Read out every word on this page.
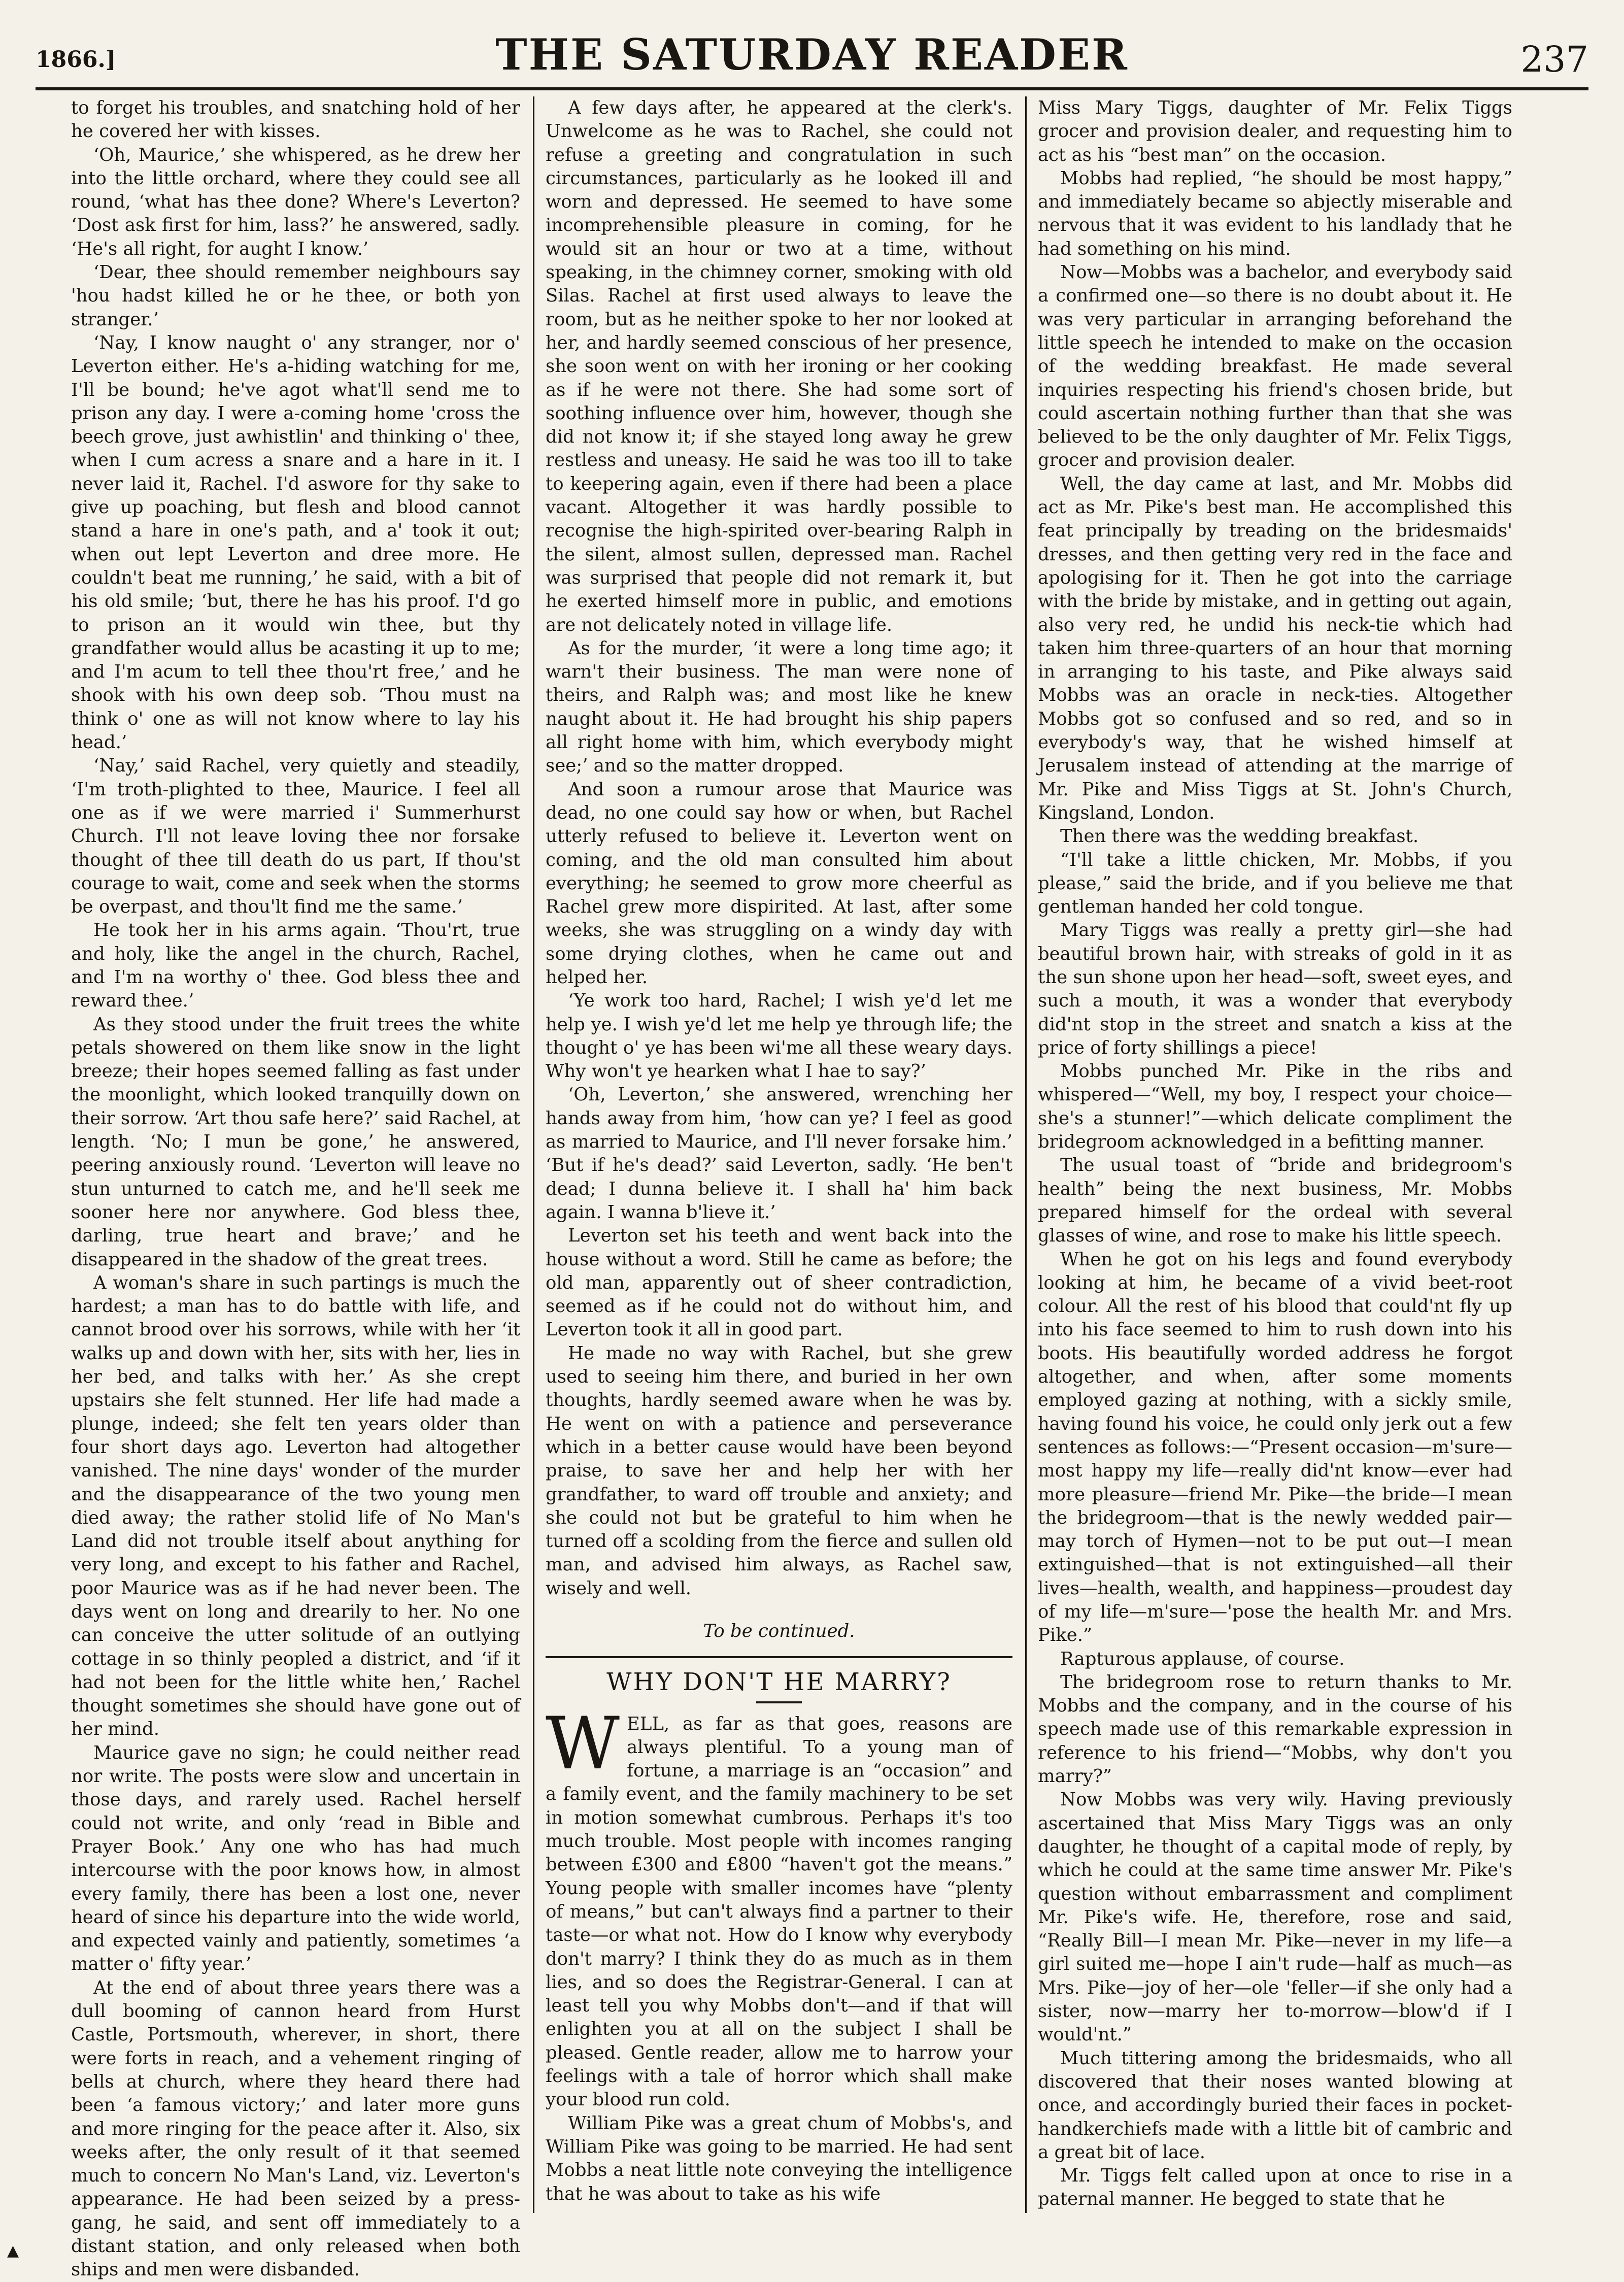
1866.]	THE SATURDAY READER	237

to forget his troubles, and snatching hold of her he covered her with kisses.

‘Oh, Maurice,’ she whispered, as he drew her into the little orchard, where they could see all round, ‘what has thee done? Where's Leverton? ‘Dost ask first for him, lass?’ he answered, sadly. ‘He's all right, for aught I know.’

‘Dear, thee should remember neighbours say 'hou hadst killed he or he thee, or both yon stranger.’

‘Nay, I know naught o' any stranger, nor o' Leverton either. He's a-hiding watching for me, I'll be bound; he've agot what'll send me to prison any day. I were a-coming home 'cross the beech grove, just awhistlin' and thinking o' thee, when I cum acress a snare and a hare in it. I never laid it, Rachel. I'd aswore for thy sake to give up poaching, but flesh and blood cannot stand a hare in one's path, and a' took it out; when out lept Leverton and dree more. He couldn't beat me running,’ he said, with a bit of his old smile; ‘but, there he has his proof. I'd go to prison an it would win thee, but thy grandfather would allus be acasting it up to me; and I'm acum to tell thee thou'rt free,’ and he shook with his own deep sob. ‘Thou must na think o' one as will not know where to lay his head.’

‘Nay,’ said Rachel, very quietly and steadily, ‘I'm troth-plighted to thee, Maurice. I feel all one as if we were married i' Summerhurst Church. I'll not leave loving thee nor forsake thought of thee till death do us part, If thou'st courage to wait, come and seek when the storms be overpast, and thou'lt find me the same.’

He took her in his arms again. ‘Thou'rt, true and holy, like the angel in the church, Rachel, and I'm na worthy o' thee. God bless thee and reward thee.’

As they stood under the fruit trees the white petals showered on them like snow in the light breeze; their hopes seemed falling as fast under the moonlight, which looked tranquilly down on their sorrow. ‘Art thou safe here?’ said Rachel, at length. ‘No; I mun be gone,’ he answered, peering anxiously round. ‘Leverton will leave no stun unturned to catch me, and he'll seek me sooner here nor anywhere. God bless thee, darling, true heart and brave;’ and he disappeared in the shadow of the great trees.

A woman's share in such partings is much the hardest; a man has to do battle with life, and cannot brood over his sorrows, while with her ‘it walks up and down with her, sits with her, lies in her bed, and talks with her.’ As she crept upstairs she felt stunned. Her life had made a plunge, indeed; she felt ten years older than four short days ago. Leverton had altogether vanished. The nine days' wonder of the murder and the disappearance of the two young men died away; the rather stolid life of No Man's Land did not trouble itself about anything for very long, and except to his father and Rachel, poor Maurice was as if he had never been. The days went on long and drearily to her. No one can conceive the utter solitude of an outlying cottage in so thinly peopled a district, and ‘if it had not been for the little white hen,’ Rachel thought sometimes she should have gone out of her mind.

Maurice gave no sign; he could neither read nor write. The posts were slow and uncertain in those days, and rarely used. Rachel herself could not write, and only ‘read in Bible and Prayer Book.’ Any one who has had much intercourse with the poor knows how, in almost every family, there has been a lost one, never heard of since his departure into the wide world, and expected vainly and patiently, sometimes ‘a matter o' fifty year.’

At the end of about three years there was a dull booming of cannon heard from Hurst Castle, Portsmouth, wherever, in short, there were forts in reach, and a vehement ringing of bells at church, where they heard there had been ‘a famous victory;’ and later more guns and more ringing for the peace after it. Also, six weeks after, the only result of it that seemed much to concern No Man's Land, viz. Leverton's appearance. He had been seized by a press-gang, he said, and sent off immediately to a distant station, and only released when both ships and men were disbanded.

A few days after, he appeared at the clerk's. Unwelcome as he was to Rachel, she could not refuse a greeting and congratulation in such circumstances, particularly as he looked ill and worn and depressed. He seemed to have some incomprehensible pleasure in coming, for he would sit an hour or two at a time, without speaking, in the chimney corner, smoking with old Silas. Rachel at first used always to leave the room, but as he neither spoke to her nor looked at her, and hardly seemed conscious of her presence, she soon went on with her ironing or her cooking as if he were not there. She had some sort of soothing influence over him, however, though she did not know it; if she stayed long away he grew restless and uneasy. He said he was too ill to take to keepering again, even if there had been a place vacant. Altogether it was hardly possible to recognise the high-spirited over-bearing Ralph in the silent, almost sullen, depressed man. Rachel was surprised that people did not remark it, but he exerted himself more in public, and emotions are not delicately noted in village life.

As for the murder, ‘it were a long time ago; it warn't their business. The man were none of theirs, and Ralph was; and most like he knew naught about it. He had brought his ship papers all right home with him, which everybody might see;’ and so the matter dropped.

And soon a rumour arose that Maurice was dead, no one could say how or when, but Rachel utterly refused to believe it. Leverton went on coming, and the old man consulted him about everything; he seemed to grow more cheerful as Rachel grew more dispirited. At last, after some weeks, she was struggling on a windy day with some drying clothes, when he came out and helped her.

‘Ye work too hard, Rachel; I wish ye'd let me help ye. I wish ye'd let me help ye through life; the thought o' ye has been wi'me all these weary days. Why won't ye hearken what I hae to say?’

‘Oh, Leverton,’ she answered, wrenching her hands away from him, ‘how can ye? I feel as good as married to Maurice, and I'll never forsake him.’ ‘But if he's dead?’ said Leverton, sadly. ‘He ben't dead; I dunna believe it. I shall ha' him back again. I wanna b'lieve it.’

Leverton set his teeth and went back into the house without a word. Still he came as before; the old man, apparently out of sheer contradiction, seemed as if he could not do without him, and Leverton took it all in good part.

He made no way with Rachel, but she grew used to seeing him there, and buried in her own thoughts, hardly seemed aware when he was by. He went on with a patience and perseverance which in a better cause would have been beyond praise, to save her and help her with her grandfather, to ward off trouble and anxiety; and she could not but be grateful to him when he turned off a scolding from the fierce and sullen old man, and advised him always, as Rachel saw, wisely and well.

To be continued.

WHY DON'T HE MARRY?

WELL, as far as that goes, reasons are always plentiful. To a young man of fortune, a marriage is an “occasion” and a family event, and the family machinery to be set in motion somewhat cumbrous. Perhaps it's too much trouble. Most people with incomes ranging between £300 and £800 “haven't got the means.” Young people with smaller incomes have “plenty of means,” but can't always find a partner to their taste—or what not. How do I know why everybody don't marry? I think they do as much as in them lies, and so does the Registrar-General. I can at least tell you why Mobbs don't—and if that will enlighten you at all on the subject I shall be pleased. Gentle reader, allow me to harrow your feelings with a tale of horror which shall make your blood run cold.

William Pike was a great chum of Mobbs's, and William Pike was going to be married. He had sent Mobbs a neat little note conveying the intelligence that he was about to take as his wife

Miss Mary Tiggs, daughter of Mr. Felix Tiggs grocer and provision dealer, and requesting him to act as his “best man” on the occasion.

Mobbs had replied, “he should be most happy,” and immediately became so abjectly miserable and nervous that it was evident to his landlady that he had something on his mind.

Now—Mobbs was a bachelor, and everybody said a confirmed one—so there is no doubt about it. He was very particular in arranging beforehand the little speech he intended to make on the occasion of the wedding breakfast. He made several inquiries respecting his friend's chosen bride, but could ascertain nothing further than that she was believed to be the only daughter of Mr. Felix Tiggs, grocer and provision dealer.

Well, the day came at last, and Mr. Mobbs did act as Mr. Pike's best man. He accomplished this feat principally by treading on the bridesmaids' dresses, and then getting very red in the face and apologising for it. Then he got into the carriage with the bride by mistake, and in getting out again, also very red, he undid his neck-tie which had taken him three-quarters of an hour that morning in arranging to his taste, and Pike always said Mobbs was an oracle in neck-ties. Altogether Mobbs got so confused and so red, and so in everybody's way, that he wished himself at Jerusalem instead of attending at the marrige of Mr. Pike and Miss Tiggs at St. John's Church, Kingsland, London.

Then there was the wedding breakfast.

“I'll take a little chicken, Mr. Mobbs, if you please,” said the bride, and if you believe me that gentleman handed her cold tongue.

Mary Tiggs was really a pretty girl—she had beautiful brown hair, with streaks of gold in it as the sun shone upon her head—soft, sweet eyes, and such a mouth, it was a wonder that everybody did'nt stop in the street and snatch a kiss at the price of forty shillings a piece!

Mobbs punched Mr. Pike in the ribs and whispered—“Well, my boy, I respect your choice—she's a stunner!”—which delicate compliment the bridegroom acknowledged in a befitting manner.

The usual toast of “bride and bridegroom's health” being the next business, Mr. Mobbs prepared himself for the ordeal with several glasses of wine, and rose to make his little speech.

When he got on his legs and found everybody looking at him, he became of a vivid beet-root colour. All the rest of his blood that could'nt fly up into his face seemed to him to rush down into his boots. His beautifully worded address he forgot altogether, and when, after some moments employed gazing at nothing, with a sickly smile, having found his voice, he could only jerk out a few sentences as follows:—“Present occasion—m'sure—most happy my life—really did'nt know—ever had more pleasure—friend Mr. Pike—the bride—I mean the bridegroom—that is the newly wedded pair—may torch of Hymen—not to be put out—I mean extinguished—that is not extinguished—all their lives—health, wealth, and happiness—proudest day of my life—m'sure—'pose the health Mr. and Mrs. Pike.”

Rapturous applause, of course.

The bridegroom rose to return thanks to Mr. Mobbs and the company, and in the course of his speech made use of this remarkable expression in reference to his friend—“Mobbs, why don't you marry?”

Now Mobbs was very wily. Having previously ascertained that Miss Mary Tiggs was an only daughter, he thought of a capital mode of reply, by which he could at the same time answer Mr. Pike's question without embarrassment and compliment Mr. Pike's wife. He, therefore, rose and said, “Really Bill—I mean Mr. Pike—never in my life—a girl suited me—hope I ain't rude—half as much—as Mrs. Pike—joy of her—ole 'feller—if she only had a sister, now—marry her to-morrow—blow'd if I would'nt.”

Much tittering among the bridesmaids, who all discovered that their noses wanted blowing at once, and accordingly buried their faces in pocket-handkerchiefs made with a little bit of cambric and a great bit of lace.

Mr. Tiggs felt called upon at once to rise in a paternal manner. He begged to state that he

▲
